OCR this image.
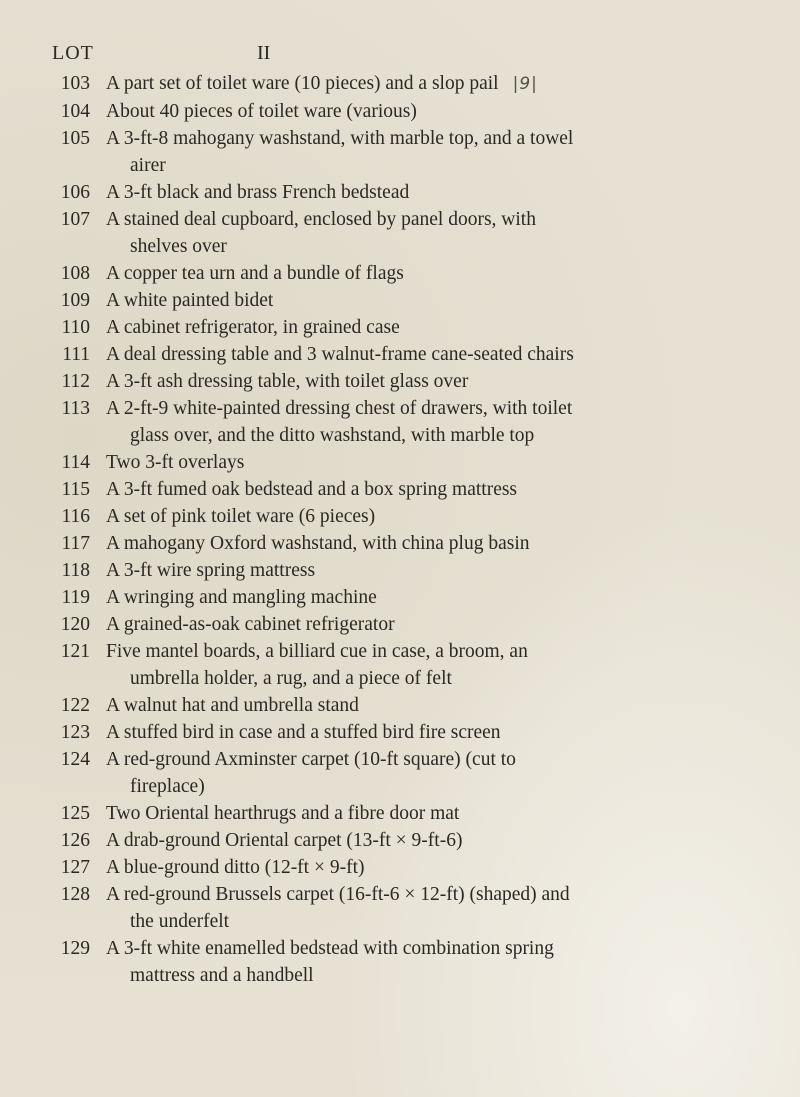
LOT	II
103 A part set of toilet ware (10 pieces) and a slop pail |9|
104 About 40 pieces of toilet ware (various)
105 A 3-ft-8 mahogany washstand, with marble top, and a towel
airer
106 A 3-ft black and brass French bedstead
107 A stained deal cupboard, enclosed by panel doors, with
shelves over
108 A copper tea urn and a bundle of flags
109 A white painted bidet
110 A cabinet refrigerator, in grained case
111 A deal dressing table and 3 walnut-frame cane-seated chairs
112 A 3-ft ash dressing table, with toilet glass over
113 A 2-ft-9 white-painted dressing chest of drawers, with toilet
glass over, and the ditto washstand, with marble top
114 Two 3-ft overlays
115 A 3-ft fumed oak bedstead and a box spring mattress
116 A set of pink toilet ware (6 pieces)
117 A mahogany Oxford washstand, with china plug basin
118 A 3-ft wire spring mattress
119 A wringing and mangling machine
120 A grained-as-oak cabinet refrigerator
121 Five mantel boards, a billiard cue in case, a broom, an
umbrella holder, a rug, and a piece of felt
122 A walnut hat and umbrella stand
123 A stuffed bird in case and a stuffed bird fire screen
124 A red-ground Axminster carpet (10-ft square) (cut to
fireplace)
125 Two Oriental hearthrugs and a fibre door mat
126 A drab-ground Oriental carpet (13-ft × 9-ft-6)
127 A blue-ground ditto (12-ft × 9-ft)
128 A red-ground Brussels carpet (16-ft-6 × 12-ft) (shaped) and
the underfelt
129 A 3-ft white enamelled bedstead with combination spring
mattress and a handbell
